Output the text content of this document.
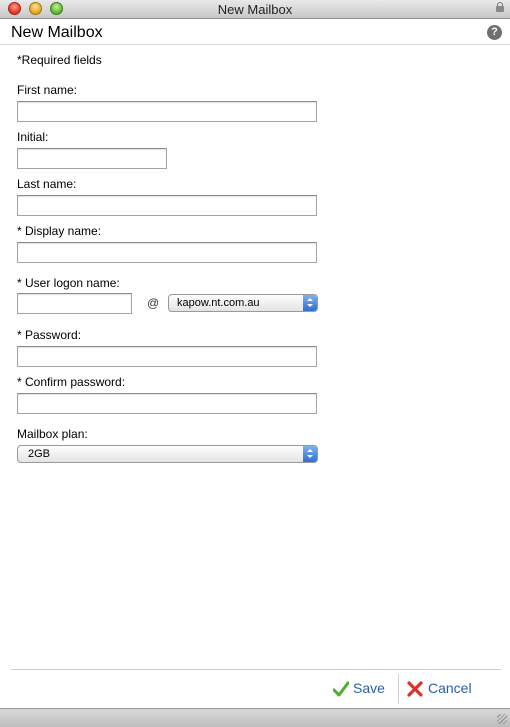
New Mailbox
New Mailbox	?
*Required fields
First name:
Initial:
Last name:
* Display name:
* User logon name:
@ kapow.nt.com.au
* Password:
* Confirm password:
Mailbox plan:
2GB
Save	Cancel
